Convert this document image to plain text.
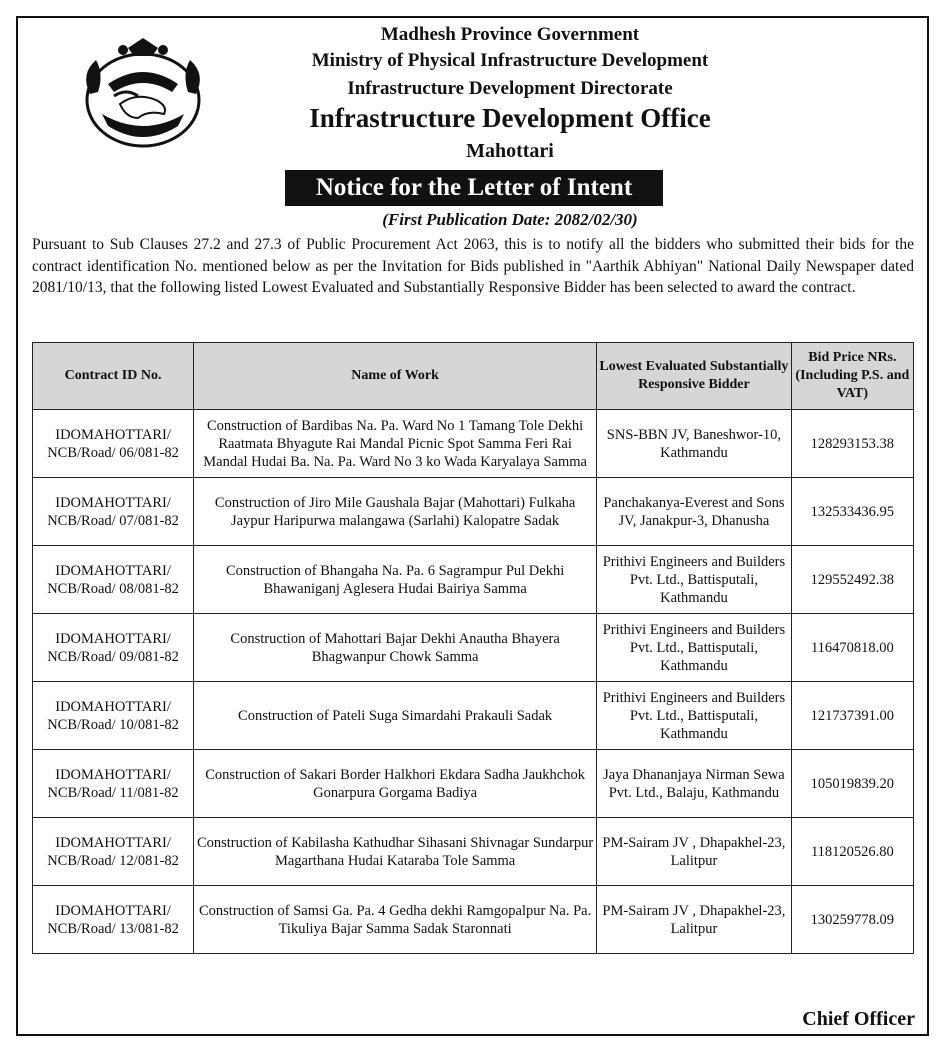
Madhesh Province Government
Ministry of Physical Infrastructure Development
Infrastructure Development Directorate
Infrastructure Development Office
Mahottari
Notice for the Letter of Intent
(First Publication Date: 2082/02/30)
Pursuant to Sub Clauses 27.2 and 27.3 of Public Procurement Act 2063, this is to notify all the bidders who submitted their bids for the contract identification No. mentioned below as per the Invitation for Bids published in "Aarthik Abhiyan" National Daily Newspaper dated 2081/10/13, that the following listed Lowest Evaluated and Substantially Responsive Bidder has been selected to award the contract.
Contract ID No.	Name of Work	Lowest Evaluated Substantially Responsive Bidder	Bid Price NRs. (Including P.S. and VAT)
IDOMAHOTTARI/ NCB/Road/ 06/081-82	Construction of Bardibas Na. Pa. Ward No 1 Tamang Tole Dekhi Raatmata Bhyagute Rai Mandal Picnic Spot Samma Feri Rai Mandal Hudai Ba. Na. Pa. Ward No 3 ko Wada Karyalaya Samma	SNS-BBN JV, Baneshwor-10, Kathmandu	128293153.38
IDOMAHOTTARI/ NCB/Road/ 07/081-82	Construction of Jiro Mile Gaushala Bajar (Mahottari) Fulkaha Jaypur Haripurwa malangawa (Sarlahi) Kalopatre Sadak	Panchakanya-Everest and Sons JV, Janakpur-3, Dhanusha	132533436.95
IDOMAHOTTARI/ NCB/Road/ 08/081-82	Construction of Bhangaha Na. Pa. 6 Sagrampur Pul Dekhi Bhawaniganj Aglesera Hudai Bairiya Samma	Prithivi Engineers and Builders Pvt. Ltd., Battisputali, Kathmandu	129552492.38
IDOMAHOTTARI/ NCB/Road/ 09/081-82	Construction of Mahottari Bajar Dekhi Anautha Bhayera Bhagwanpur Chowk Samma	Prithivi Engineers and Builders Pvt. Ltd., Battisputali, Kathmandu	116470818.00
IDOMAHOTTARI/ NCB/Road/ 10/081-82	Construction of Pateli Suga Simardahi Prakauli Sadak	Prithivi Engineers and Builders Pvt. Ltd., Battisputali, Kathmandu	121737391.00
IDOMAHOTTARI/ NCB/Road/ 11/081-82	Construction of Sakari Border Halkhori Ekdara Sadha Jaukhchok Gonarpura Gorgama Badiya	Jaya Dhananjaya Nirman Sewa Pvt. Ltd., Balaju, Kathmandu	105019839.20
IDOMAHOTTARI/ NCB/Road/ 12/081-82	Construction of Kabilasha Kathudhar Sihasani Shivnagar Sundarpur Magarthana Hudai Kataraba Tole Samma	PM-Sairam JV , Dhapakhel-23, Lalitpur	118120526.80
IDOMAHOTTARI/ NCB/Road/ 13/081-82	Construction of Samsi Ga. Pa. 4 Gedha dekhi Ramgopalpur Na. Pa. Tikuliya Bajar Samma Sadak Staronnati	PM-Sairam JV , Dhapakhel-23, Lalitpur	130259778.09
Chief Officer
